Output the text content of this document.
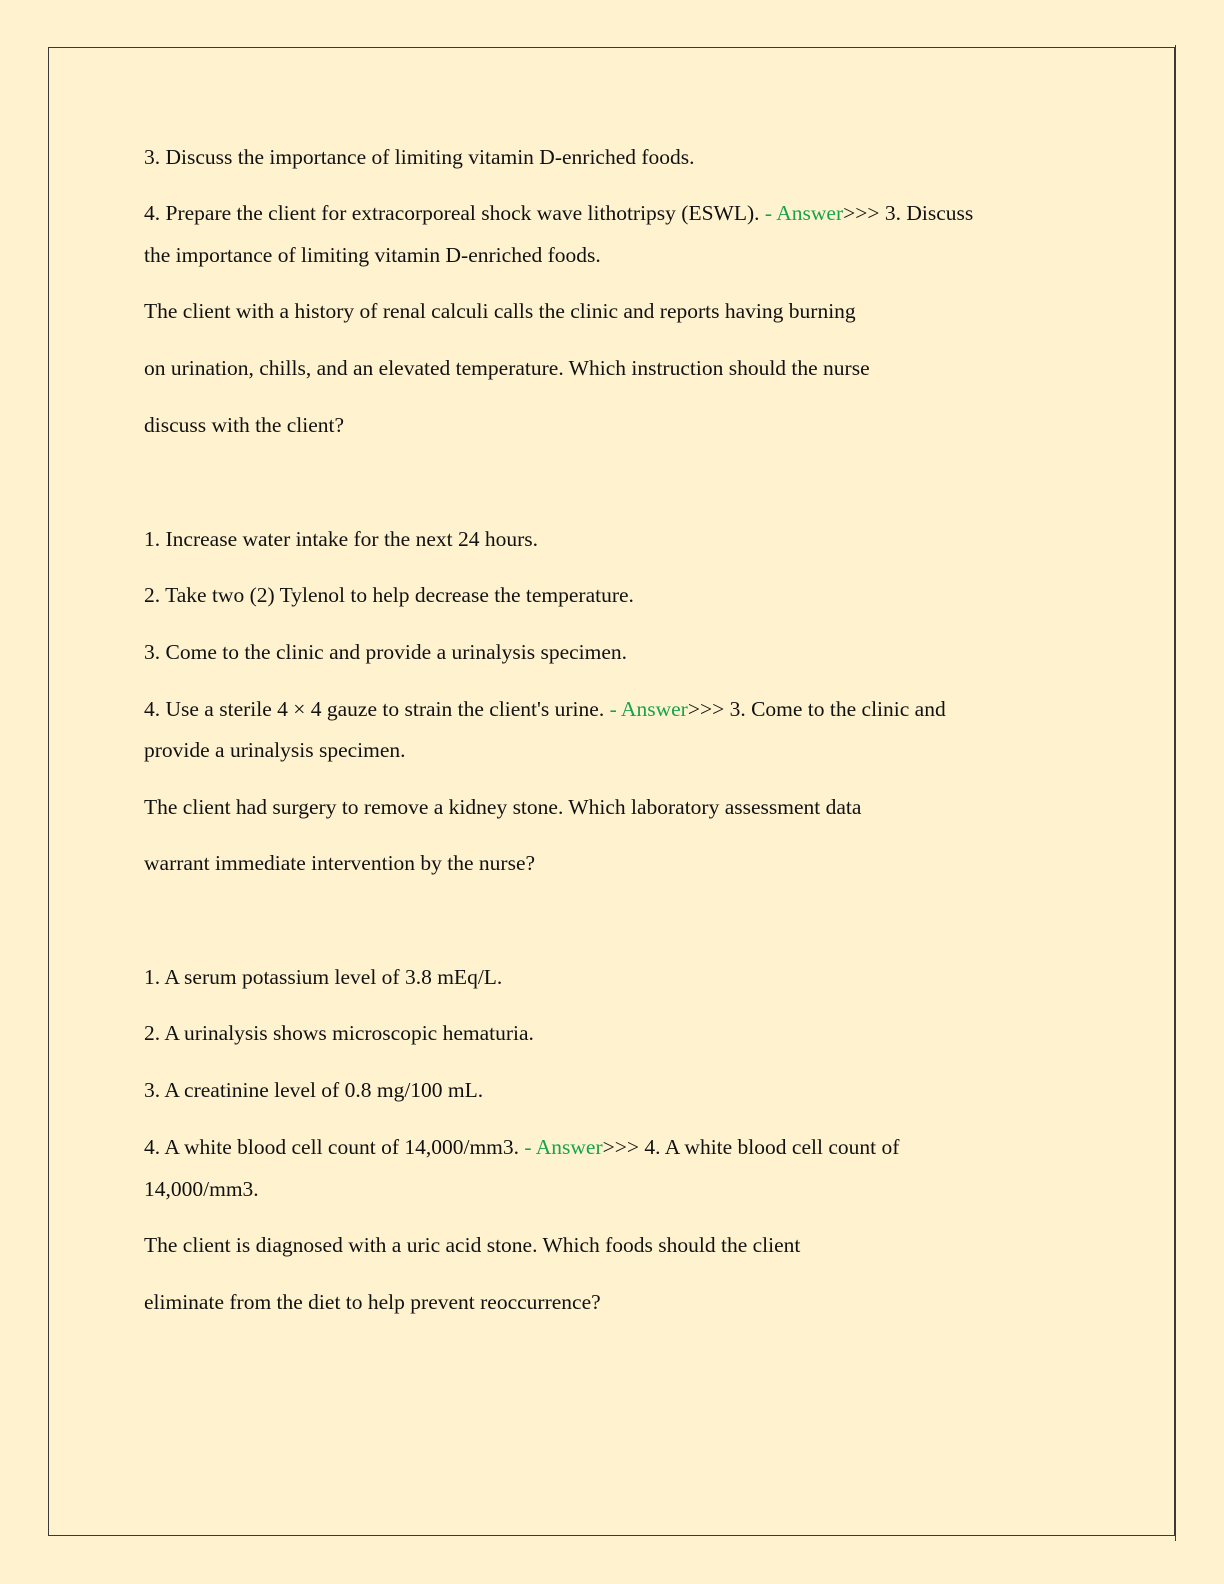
3. Discuss the importance of limiting vitamin D-enriched foods.

4. Prepare the client for extracorporeal shock wave lithotripsy (ESWL). - Answer>>> 3. Discuss

the importance of limiting vitamin D-enriched foods.

The client with a history of renal calculi calls the clinic and reports having burning

on urination, chills, and an elevated temperature. Which instruction should the nurse

discuss with the client?

1. Increase water intake for the next 24 hours.

2. Take two (2) Tylenol to help decrease the temperature.

3. Come to the clinic and provide a urinalysis specimen.

4. Use a sterile 4 × 4 gauze to strain the client's urine. - Answer>>> 3. Come to the clinic and

provide a urinalysis specimen.

The client had surgery to remove a kidney stone. Which laboratory assessment data

warrant immediate intervention by the nurse?

1. A serum potassium level of 3.8 mEq/L.

2. A urinalysis shows microscopic hematuria.

3. A creatinine level of 0.8 mg/100 mL.

4. A white blood cell count of 14,000/mm3. - Answer>>> 4. A white blood cell count of

14,000/mm3.

The client is diagnosed with a uric acid stone. Which foods should the client

eliminate from the diet to help prevent reoccurrence?
